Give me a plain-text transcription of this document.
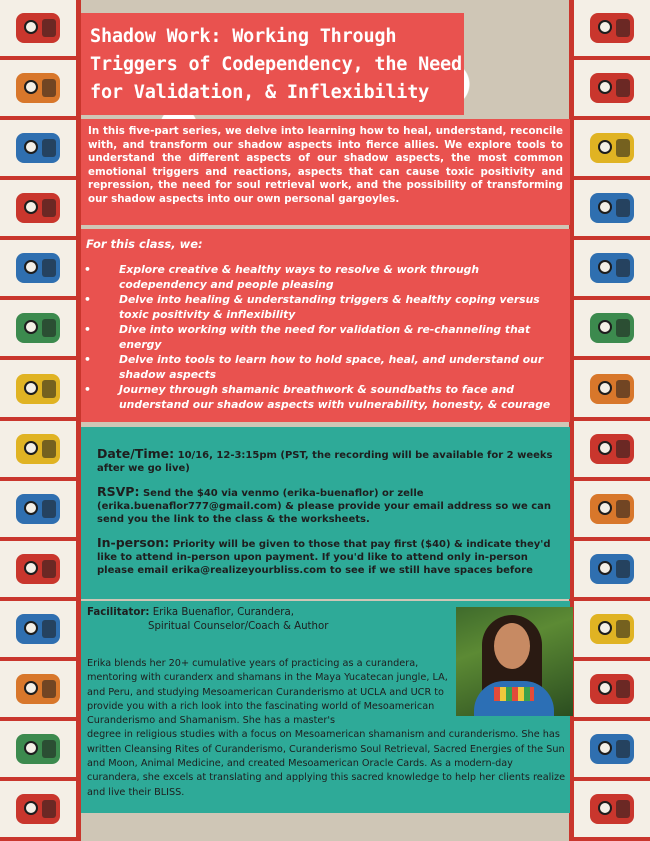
Shadow Work: Working Through Triggers of Codependency, the Need for Validation, & Inflexibility
In this five-part series, we delve into learning how to heal, understand, reconcile with, and transform our shadow aspects into fierce allies. We explore tools to understand the different aspects of our shadow aspects, the most common emotional triggers and reactions, aspects that can cause toxic positivity and repression, the need for soul retrieval work, and the possibility of transforming our shadow aspects into our own personal gargoyles.
For this class, we:
•	Explore creative & healthy ways to resolve & work through codependency and people pleasing
•	Delve into healing & understanding triggers & healthy coping versus toxic positivity & inflexibility
•	Dive into working with the need for validation & re-channeling that energy
•	Delve into tools to learn how to hold space, heal, and understand our shadow aspects
•	Journey through shamanic breathwork & soundbaths to face and understand our shadow aspects with vulnerability, honesty, & courage
Date/Time: 10/16, 12-3:15pm (PST, the recording will be available for 2 weeks after we go live)
RSVP: Send the $40 via venmo (erika-buenaflor) or zelle (erika.buenaflor777@gmail.com) & please provide your email address so we can send you the link to the class & the worksheets.
In-person: Priority will be given to those that pay first ($40) & indicate they'd like to attend in-person upon payment. If you'd like to attend only in-person please email erika@realizeyourbliss.com to see if we still have spaces before
Facilitator: Erika Buenaflor, Curandera,
Spiritual Counselor/Coach & Author
Erika blends her 20+ cumulative years of practicing as a curandera, mentoring with curanderx and shamans in the Maya Yucatecan jungle, LA, and Peru, and studying Mesoamerican Curanderismo at UCLA and UCR to provide you with a rich look into the fascinating world of Mesoamerican Curanderismo and Shamanism. She has a master's
degree in religious studies with a focus on Mesoamerican shamanism and curanderismo. She has written Cleansing Rites of Curanderismo, Curanderismo Soul Retrieval, Sacred Energies of the Sun and Moon, Animal Medicine, and created Mesoamerican Oracle Cards. As a modern-day curandera, she excels at translating and applying this sacred knowledge to help her clients realize and live their BLISS.
